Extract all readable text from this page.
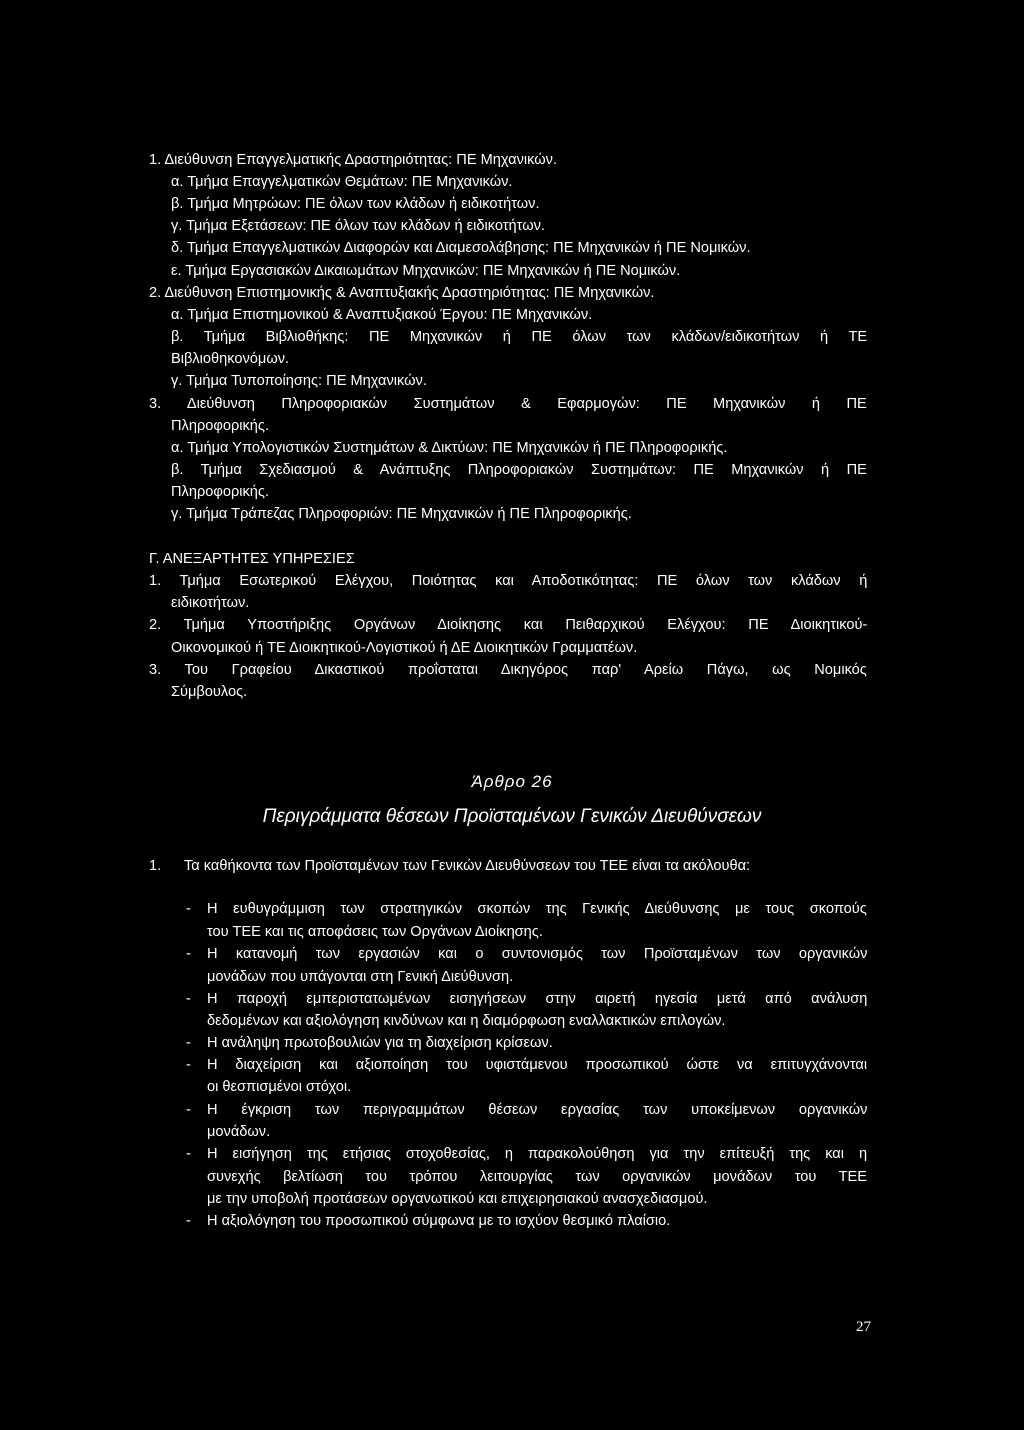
1. Διεύθυνση Επαγγελματικής Δραστηριότητας: ΠΕ Μηχανικών.
α. Τμήμα Επαγγελματικών Θεμάτων: ΠΕ Μηχανικών.
β. Τμήμα Μητρώων: ΠΕ όλων των κλάδων ή ειδικοτήτων.
γ. Τμήμα Εξετάσεων: ΠΕ όλων των κλάδων ή ειδικοτήτων.
δ. Τμήμα Επαγγελματικών Διαφορών και Διαμεσολάβησης: ΠΕ Μηχανικών ή ΠΕ Νομικών.
ε. Τμήμα Εργασιακών Δικαιωμάτων Μηχανικών: ΠΕ Μηχανικών ή ΠΕ Νομικών.
2. Διεύθυνση Επιστημονικής & Αναπτυξιακής Δραστηριότητας: ΠΕ Μηχανικών.
α. Τμήμα Επιστημονικού & Αναπτυξιακού Έργου: ΠΕ Μηχανικών.
β. Τμήμα Βιβλιοθήκης: ΠΕ Μηχανικών ή ΠΕ όλων των κλάδων/ειδικοτήτων ή ΤΕ
Βιβλιοθηκονόμων.
γ. Τμήμα Τυποποίησης: ΠΕ Μηχανικών.
3. Διεύθυνση Πληροφοριακών Συστημάτων & Εφαρμογών: ΠΕ Μηχανικών ή ΠΕ
Πληροφορικής.
α. Τμήμα Υπολογιστικών Συστημάτων & Δικτύων: ΠΕ Μηχανικών ή ΠΕ Πληροφορικής.
β. Τμήμα Σχεδιασμού & Ανάπτυξης Πληροφοριακών Συστημάτων: ΠΕ Μηχανικών ή ΠΕ
Πληροφορικής.
γ. Τμήμα Τράπεζας Πληροφοριών: ΠΕ Μηχανικών ή ΠΕ Πληροφορικής.
Γ. ΑΝΕΞΑΡΤΗΤΕΣ ΥΠΗΡΕΣΙΕΣ
1. Τμήμα Εσωτερικού Ελέγχου, Ποιότητας και Αποδοτικότητας: ΠΕ όλων των κλάδων ή
ειδικοτήτων.
2. Τμήμα Υποστήριξης Οργάνων Διοίκησης και Πειθαρχικού Ελέγχου: ΠΕ Διοικητικού-
Οικονομικού ή ΤΕ Διοικητικού-Λογιστικού ή ΔΕ Διοικητικών Γραμματέων.
3. Του Γραφείου Δικαστικού προΐσταται Δικηγόρος παρ' Αρείω Πάγω, ως Νομικός
Σύμβουλος.
Άρθρο 26
Περιγράμματα θέσεων Προϊσταμένων Γενικών Διευθύνσεων
1. Τα καθήκοντα των Προϊσταμένων των Γενικών Διευθύνσεων του ΤΕΕ είναι τα ακόλουθα:
- Η ευθυγράμμιση των στρατηγικών σκοπών της Γενικής Διεύθυνσης με τους σκοπούς
του ΤΕΕ και τις αποφάσεις των Οργάνων Διοίκησης.
- Η κατανομή των εργασιών και ο συντονισμός των Προϊσταμένων των οργανικών
μονάδων που υπάγονται στη Γενική Διεύθυνση.
- Η παροχή εμπεριστατωμένων εισηγήσεων στην αιρετή ηγεσία μετά από ανάλυση
δεδομένων και αξιολόγηση κινδύνων και η διαμόρφωση εναλλακτικών επιλογών.
- Η ανάληψη πρωτοβουλιών για τη διαχείριση κρίσεων.
- Η διαχείριση και αξιοποίηση του υφιστάμενου προσωπικού ώστε να επιτυγχάνονται
οι θεσπισμένοι στόχοι.
- Η έγκριση των περιγραμμάτων θέσεων εργασίας των υποκείμενων οργανικών
μονάδων.
- Η εισήγηση της ετήσιας στοχοθεσίας, η παρακολούθηση για την επίτευξή της και η
συνεχής βελτίωση του τρόπου λειτουργίας των οργανικών μονάδων του ΤΕΕ
με την υποβολή προτάσεων οργανωτικού και επιχειρησιακού ανασχεδιασμού.
- Η αξιολόγηση του προσωπικού σύμφωνα με το ισχύον θεσμικό πλαίσιο.
27
